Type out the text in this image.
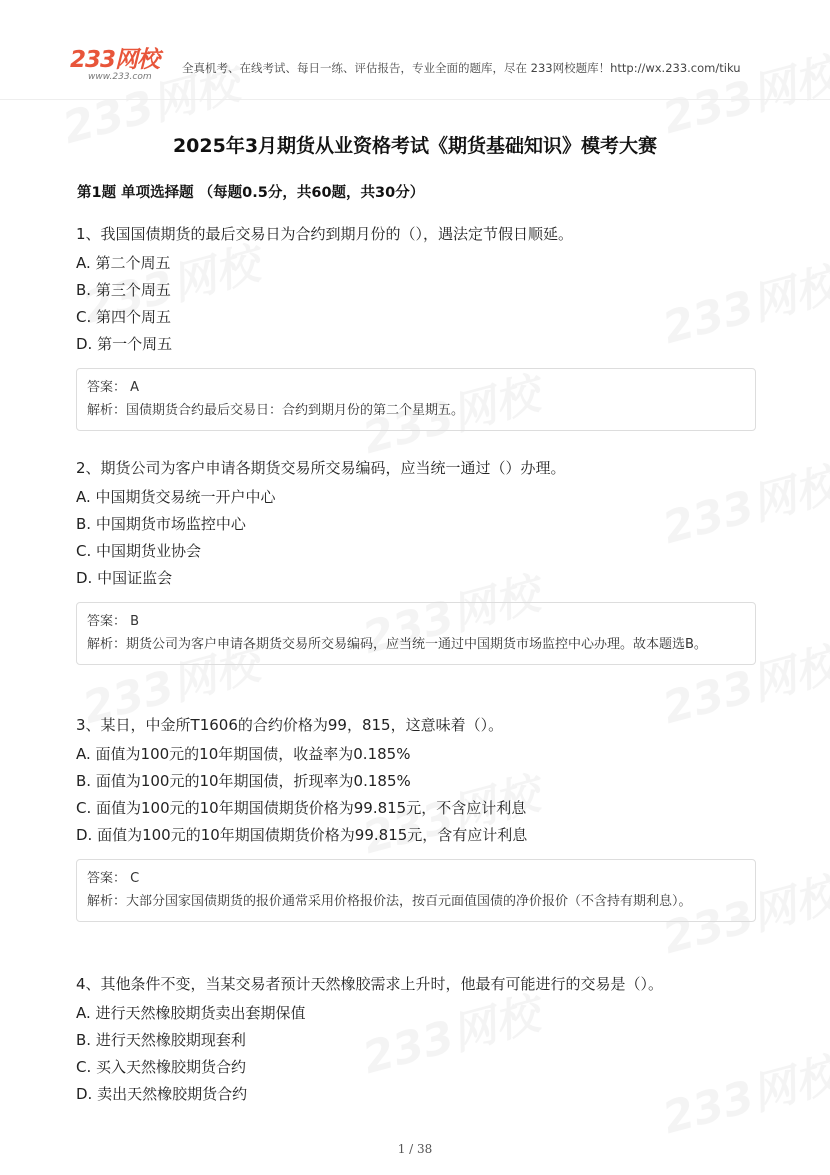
233网校
www.233.com
全真机考、在线考试、每日一练、评估报告，专业全面的题库，尽在 233网校题库！http://wx.233.com/tiku
2025年3月期货从业资格考试《期货基础知识》模考大赛
第1题 单项选择题 （每题0.5分，共60题，共30分）
1、我国国债期货的最后交易日为合约到期月份的（），遇法定节假日顺延。
A. 第二个周五
B. 第三个周五
C. 第四个周五
D. 第一个周五
答案： A
解析：国债期货合约最后交易日：合约到期月份的第二个星期五。
2、期货公司为客户申请各期货交易所交易编码，应当统一通过（）办理。
A. 中国期货交易统一开户中心
B. 中国期货市场监控中心
C. 中国期货业协会
D. 中国证监会
答案： B
解析：期货公司为客户申请各期货交易所交易编码，应当统一通过中国期货市场监控中心办理。故本题选B。
3、某日，中金所T1606的合约价格为99，815，这意味着（）。
A. 面值为100元的10年期国债，收益率为0.185%
B. 面值为100元的10年期国债，折现率为0.185%
C. 面值为100元的10年期国债期货价格为99.815元，不含应计利息
D. 面值为100元的10年期国债期货价格为99.815元，含有应计利息
答案： C
解析：大部分国家国债期货的报价通常采用价格报价法，按百元面值国债的净价报价（不含持有期利息）。
4、其他条件不变，当某交易者预计天然橡胶需求上升时，他最有可能进行的交易是（）。
A. 进行天然橡胶期货卖出套期保值
B. 进行天然橡胶期现套利
C. 买入天然橡胶期货合约
D. 卖出天然橡胶期货合约
1 / 38
